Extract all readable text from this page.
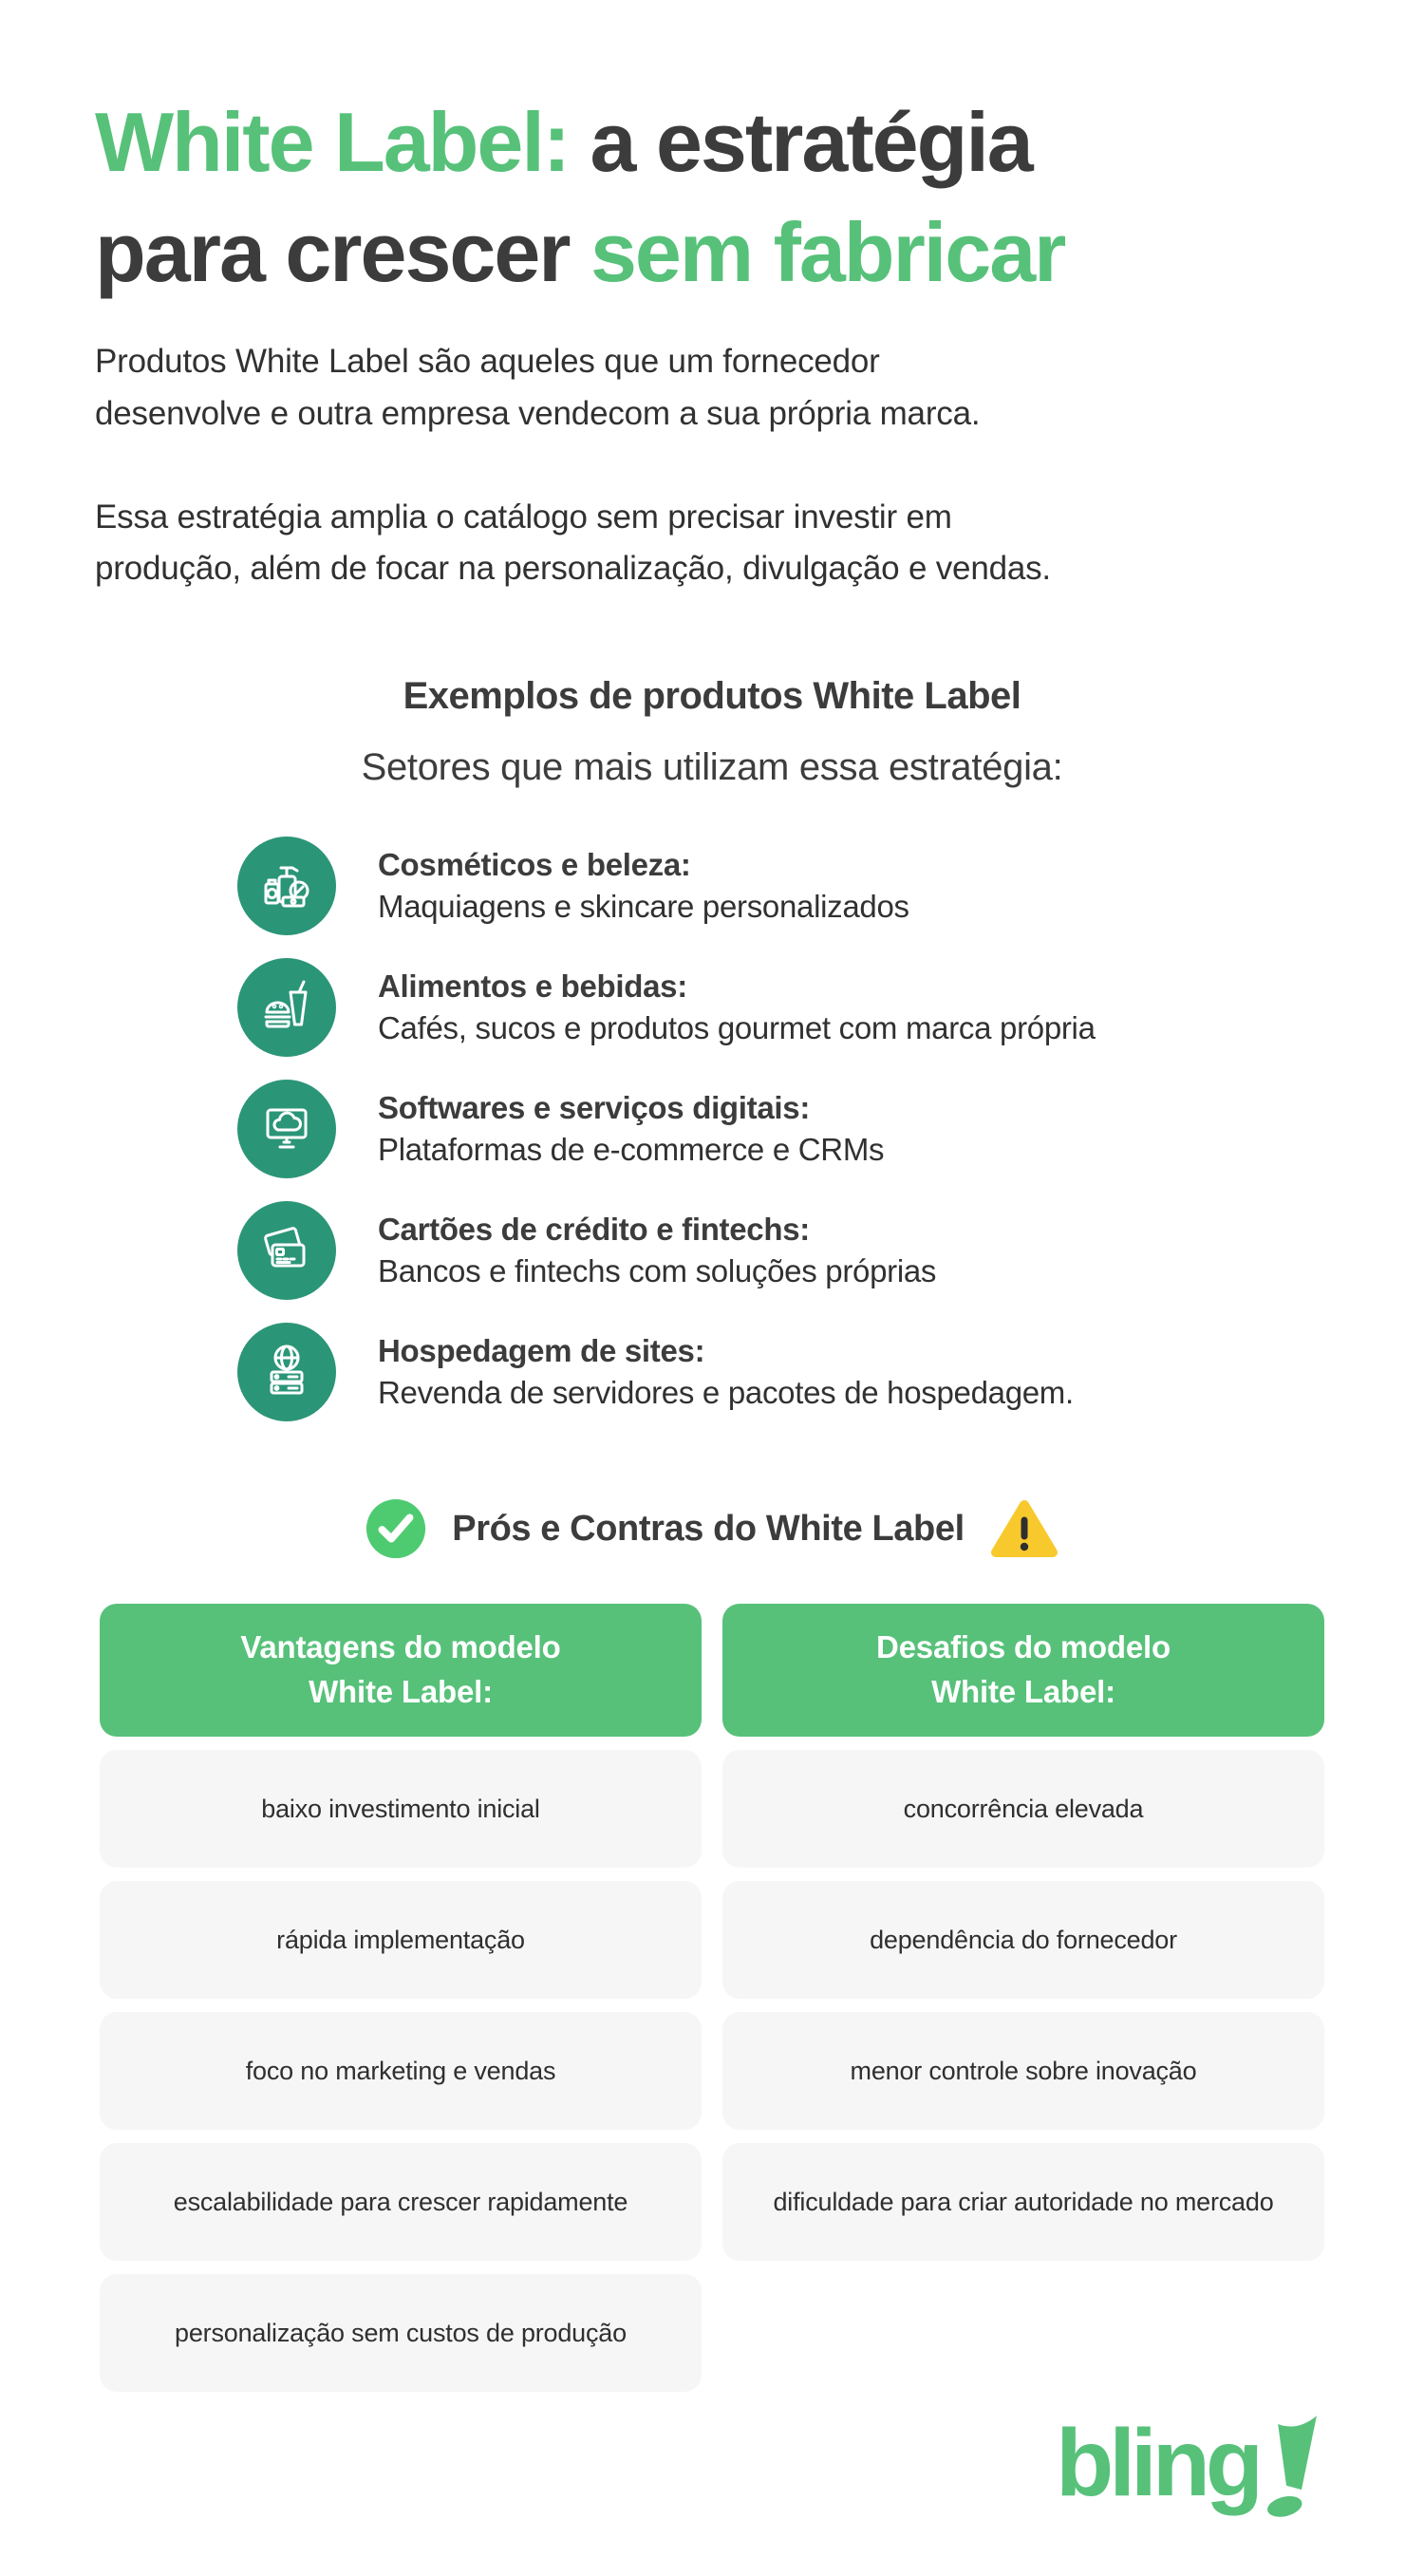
White Label: a estratégia
para crescer sem fabricar

Produtos White Label são aqueles que um fornecedor
desenvolve e outra empresa vendecom a sua própria marca.

Essa estratégia amplia o catálogo sem precisar investir em
produção, além de focar na personalização, divulgação e vendas.

Exemplos de produtos White Label
Setores que mais utilizam essa estratégia:
Cosméticos e beleza:
Maquiagens e skincare personalizados
Alimentos e bebidas:
Cafés, sucos e produtos gourmet com marca própria
Softwares e serviços digitais:
Plataformas de e-commerce e CRMs
Cartões de crédito e fintechs:
Bancos e fintechs com soluções próprias
Hospedagem de sites:
Revenda de servidores e pacotes de hospedagem.
Prós e Contras do White Label
Vantagens do modelo
White Label:
baixo investimento inicial
rápida implementação
foco no marketing e vendas
escalabilidade para crescer rapidamente
personalização sem custos de produção
Desafios do modelo
White Label:
concorrência elevada
dependência do fornecedor
menor controle sobre inovação
dificuldade para criar autoridade no mercado
bling
